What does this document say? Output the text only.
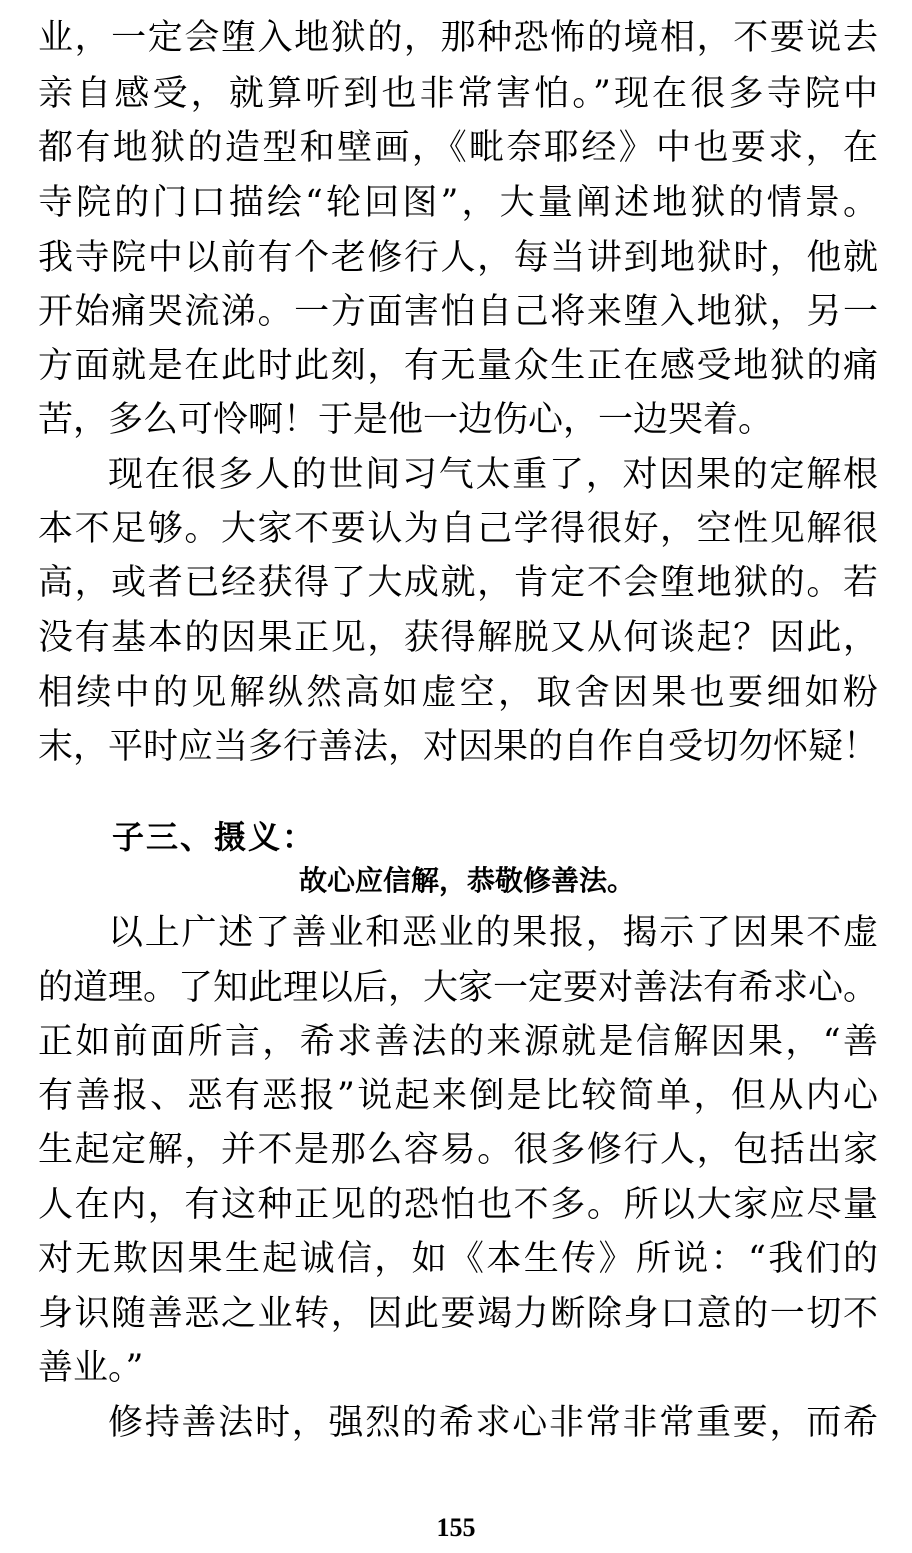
业，一定会堕入地狱的，那种恐怖的境相，不要说去
亲自感受，就算听到也非常害怕。”现在很多寺院中
都有地狱的造型和壁画，《毗奈耶经》中也要求，在
寺院的门口描绘“轮回图”，大量阐述地狱的情景。
我寺院中以前有个老修行人，每当讲到地狱时，他就
开始痛哭流涕。一方面害怕自己将来堕入地狱，另一
方面就是在此时此刻，有无量众生正在感受地狱的痛
苦，多么可怜啊！于是他一边伤心，一边哭着。
现在很多人的世间习气太重了，对因果的定解根
本不足够。大家不要认为自己学得很好，空性见解很
高，或者已经获得了大成就，肯定不会堕地狱的。若
没有基本的因果正见，获得解脱又从何谈起？因此，
相续中的见解纵然高如虚空，取舍因果也要细如粉
末，平时应当多行善法，对因果的自作自受切勿怀疑！
子三、摄义：
故心应信解，恭敬修善法。
以上广述了善业和恶业的果报，揭示了因果不虚
的道理。了知此理以后，大家一定要对善法有希求心。
正如前面所言，希求善法的来源就是信解因果，“善
有善报、恶有恶报”说起来倒是比较简单，但从内心
生起定解，并不是那么容易。很多修行人，包括出家
人在内，有这种正见的恐怕也不多。所以大家应尽量
对无欺因果生起诚信，如《本生传》所说：“我们的
身识随善恶之业转，因此要竭力断除身口意的一切不
善业。”
修持善法时，强烈的希求心非常非常重要，而希
155
